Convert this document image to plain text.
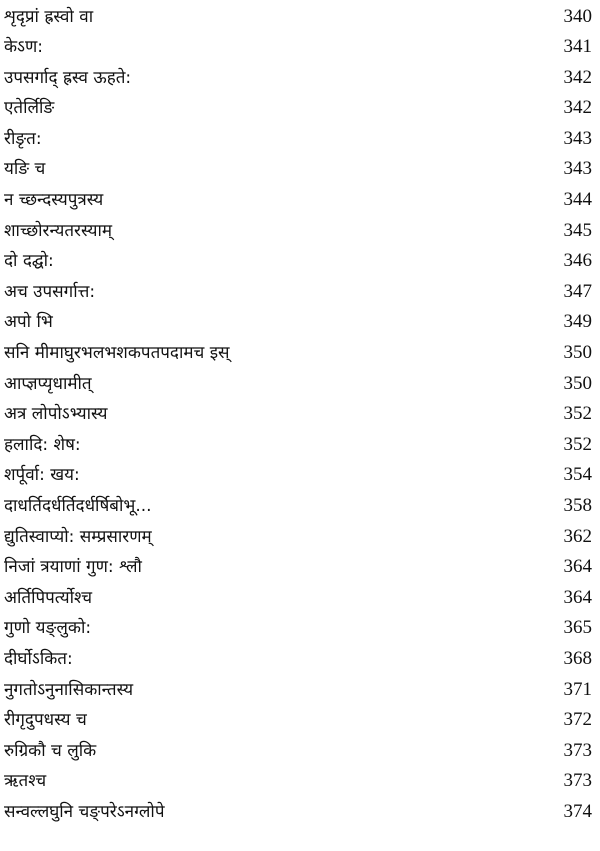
शृदृप्रां ह्रस्वो वा	340
केऽण:	341
उपसर्गाद् ह्रस्व ऊहते:	342
एतेर्लिङि	342
रीङृत:	343
यङि च	343
न च्छन्दस्यपुत्रस्य	344
शाच्छोरन्यतरस्याम्	345
दो दद्घो:	346
अच उपसर्गात्त:	347
अपो भि	349
सनि मीमाघुरभलभशकपतपदामच इस्	350
आप्ज्ञप्यृधामीत्	350
अत्र लोपोऽभ्यास्य	352
हलादि: शेष:	352
शर्पूर्वा: खय:	354
दाधर्तिदर्धर्तिदर्धर्षिबोभू...	358
द्युतिस्वाप्यो: सम्प्रसारणम्	362
निजां त्रयाणां गुण: श्लौ	364
अर्तिपिपर्त्योश्च	364
गुणो यङ्लुको:	365
दीर्घोऽकित:	368
नुगतोऽनुनासिकान्तस्य	371
रीगृदुपधस्य च	372
रुग्रिकौ च लुकि	373
ऋतश्च	373
सन्वल्लघुनि चङ्परेऽनग्लोपे	374
